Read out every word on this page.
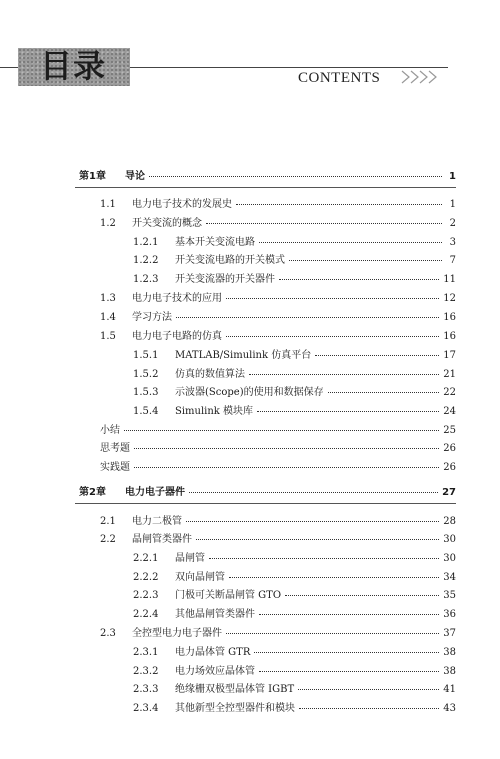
目录	CONTENTS
第1章	导论	1
1.1	电力电子技术的发展史	1
1.2	开关变流的概念	2
1.2.1	基本开关变流电路	3
1.2.2	开关变流电路的开关模式	7
1.2.3	开关变流器的开关器件	11
1.3	电力电子技术的应用	12
1.4	学习方法	16
1.5	电力电子电路的仿真	16
1.5.1	MATLAB/Simulink 仿真平台	17
1.5.2	仿真的数值算法	21
1.5.3	示波器(Scope)的使用和数据保存	22
1.5.4	Simulink 模块库	24
小结	25
思考题	26
实践题	26
第2章	电力电子器件	27
2.1	电力二极管	28
2.2	晶闸管类器件	30
2.2.1	晶闸管	30
2.2.2	双向晶闸管	34
2.2.3	门极可关断晶闸管 GTO	35
2.2.4	其他晶闸管类器件	36
2.3	全控型电力电子器件	37
2.3.1	电力晶体管 GTR	38
2.3.2	电力场效应晶体管	38
2.3.3	绝缘栅双极型晶体管 IGBT	41
2.3.4	其他新型全控型器件和模块	43
